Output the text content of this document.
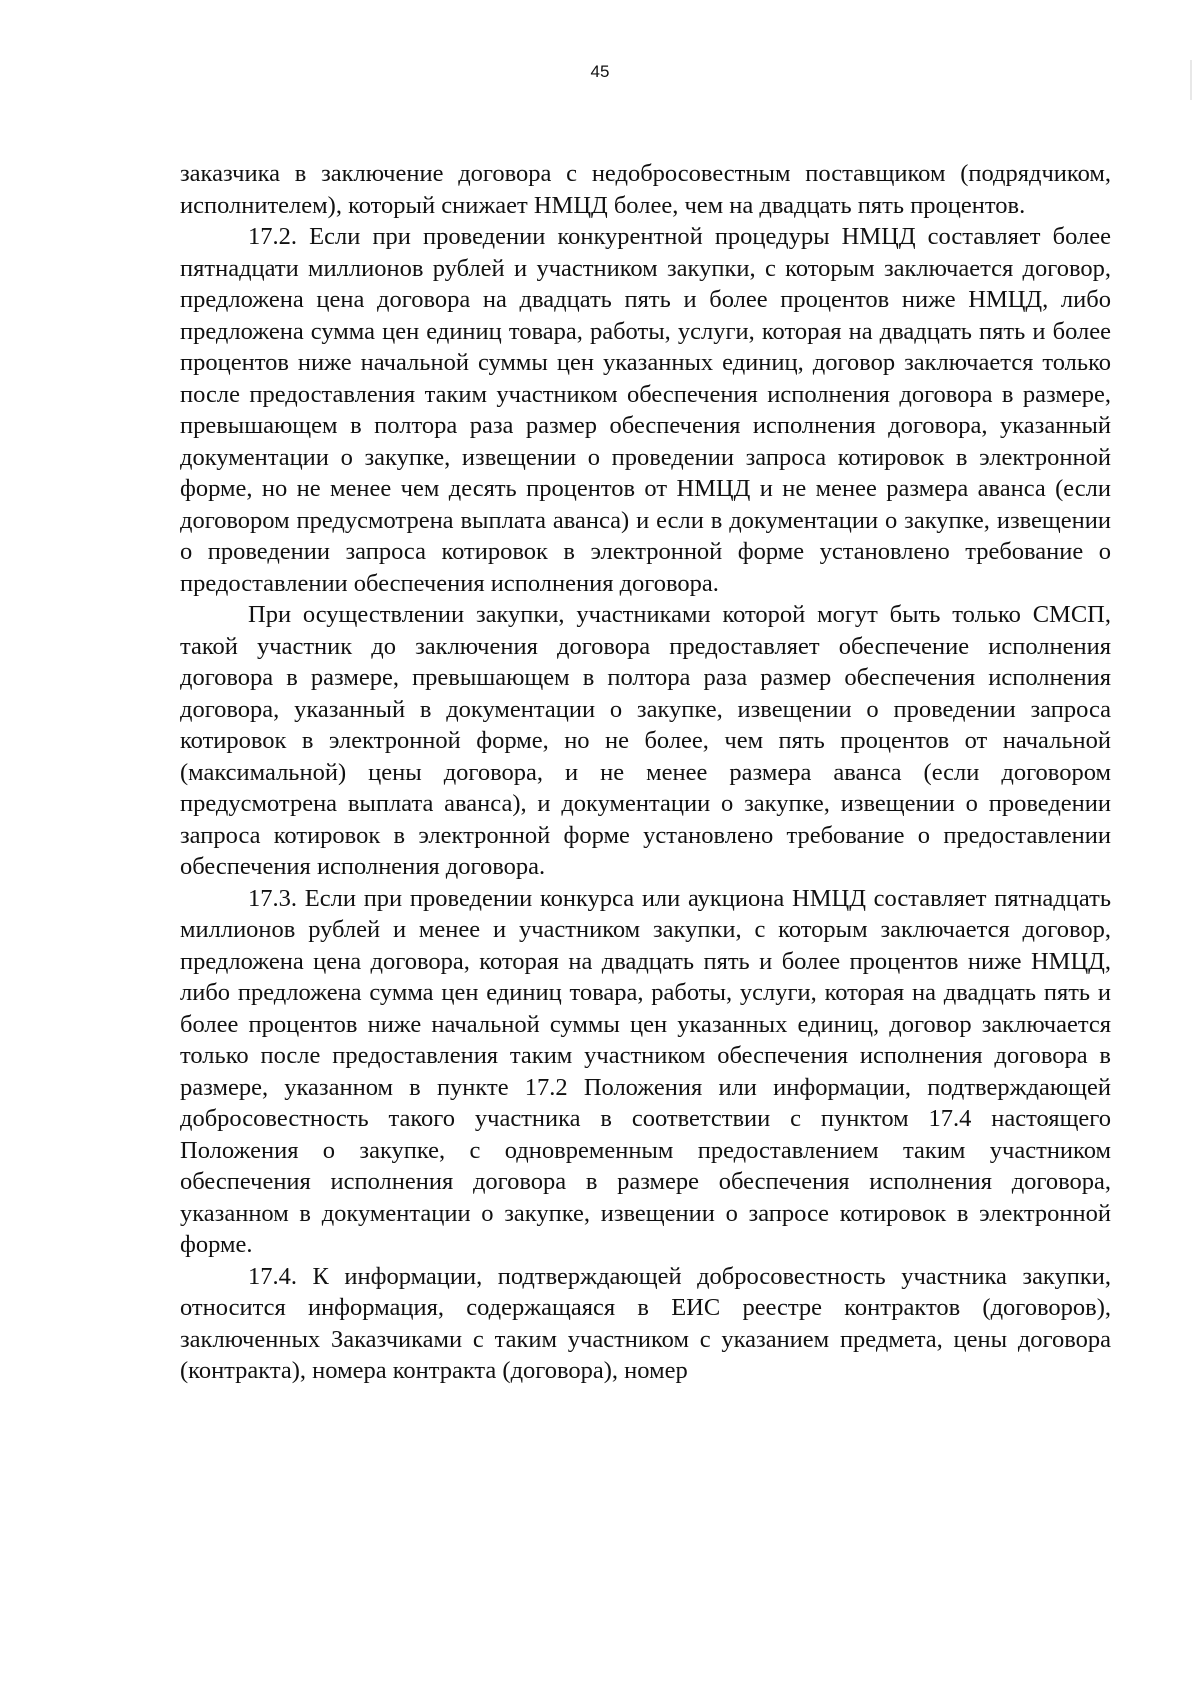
45

заказчика в заключение договора с недобросовестным поставщиком (подрядчиком, исполнителем), который снижает НМЦД более, чем на двадцать пять процентов.

17.2. Если при проведении конкурентной процедуры НМЦД составляет более пятнадцати миллионов рублей и участником закупки, с которым заключается договор, предложена цена договора на двадцать пять и более процентов ниже НМЦД, либо предложена сумма цен единиц товара, работы, услуги, которая на двадцать пять и более процентов ниже начальной суммы цен указанных единиц, договор заключается только после предоставления таким участником обеспечения исполнения договора в размере, превышающем в полтора раза размер обеспечения исполнения договора, указанный документации о закупке, извещении о проведении запроса котировок в электронной форме, но не менее чем десять процентов от НМЦД и не менее размера аванса (если договором предусмотрена выплата аванса) и если в документации о закупке, извещении о проведении запроса котировок в электронной форме установлено требование о предоставлении обеспечения исполнения договора.

При осуществлении закупки, участниками которой могут быть только СМСП, такой участник до заключения договора предоставляет обеспечение исполнения договора в размере, превышающем в полтора раза размер обеспечения исполнения договора, указанный в документации о закупке, извещении о проведении запроса котировок в электронной форме, но не более, чем пять процентов от начальной (максимальной) цены договора, и не менее размера аванса (если договором предусмотрена выплата аванса), и документации о закупке, извещении о проведении запроса котировок в электронной форме установлено требование о предоставлении обеспечения исполнения договора.

17.3. Если при проведении конкурса или аукциона НМЦД составляет пятнадцать миллионов рублей и менее и участником закупки, с которым заключается договор, предложена цена договора, которая на двадцать пять и более процентов ниже НМЦД, либо предложена сумма цен единиц товара, работы, услуги, которая на двадцать пять и более процентов ниже начальной суммы цен указанных единиц, договор заключается только после предоставления таким участником обеспечения исполнения договора в размере, указанном в пункте 17.2 Положения или информации, подтверждающей добросовестность такого участника в соответствии с пунктом 17.4 настоящего Положения о закупке, с одновременным предоставлением таким участником обеспечения исполнения договора в размере обеспечения исполнения договора, указанном в документации о закупке, извещении о запросе котировок в электронной форме.

17.4. К информации, подтверждающей добросовестность участника закупки, относится информация, содержащаяся в ЕИС реестре контрактов (договоров), заключенных Заказчиками с таким участником с указанием предмета, цены договора (контракта), номера контракта (договора), номер
